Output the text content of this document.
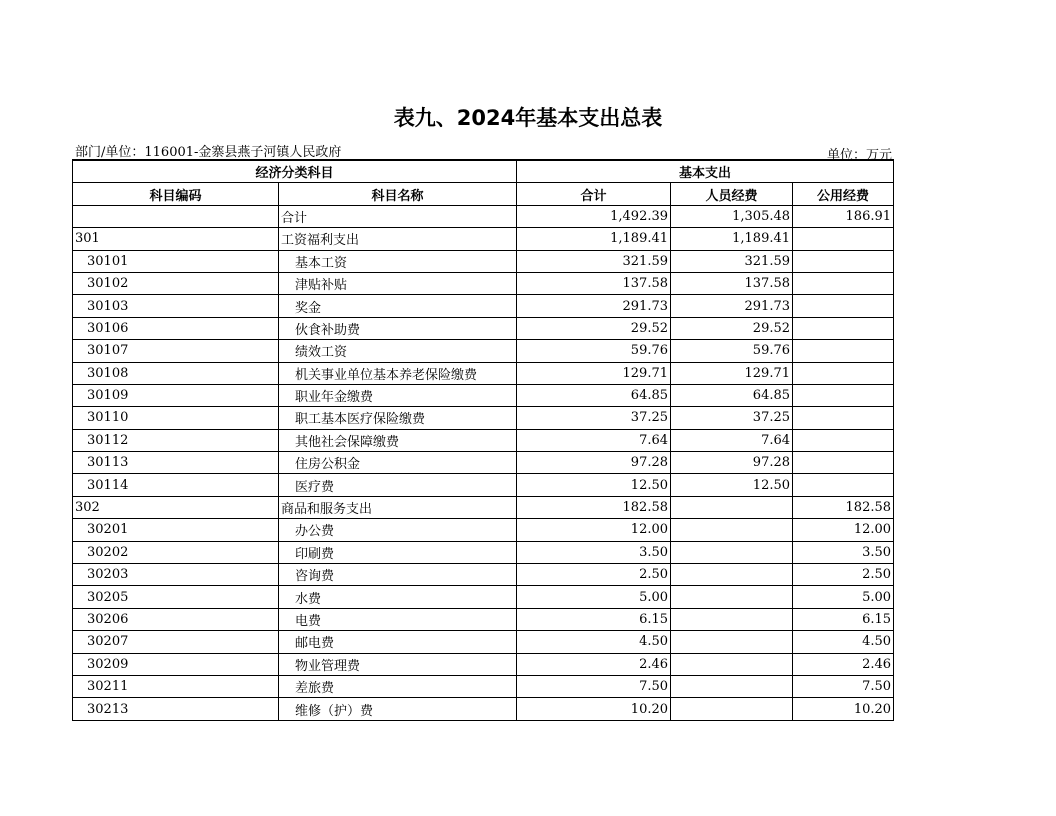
表九、2024年基本支出总表
部门/单位：116001-金寨县燕子河镇人民政府	单位：万元
经济分类科目		基本支出		
科目编码	科目名称	合计	人员经费	公用经费
	合计	1,492.39	1,305.48	186.91
301	工资福利支出	1,189.41	1,189.41	
30101	基本工资	321.59	321.59	
30102	津贴补贴	137.58	137.58	
30103	奖金	291.73	291.73	
30106	伙食补助费	29.52	29.52	
30107	绩效工资	59.76	59.76	
30108	机关事业单位基本养老保险缴费	129.71	129.71	
30109	职业年金缴费	64.85	64.85	
30110	职工基本医疗保险缴费	37.25	37.25	
30112	其他社会保障缴费	7.64	7.64	
30113	住房公积金	97.28	97.28	
30114	医疗费	12.50	12.50	
302	商品和服务支出	182.58		182.58
30201	办公费	12.00		12.00
30202	印刷费	3.50		3.50
30203	咨询费	2.50		2.50
30205	水费	5.00		5.00
30206	电费	6.15		6.15
30207	邮电费	4.50		4.50
30209	物业管理费	2.46		2.46
30211	差旅费	7.50		7.50
30213	维修（护）费	10.20		10.20
